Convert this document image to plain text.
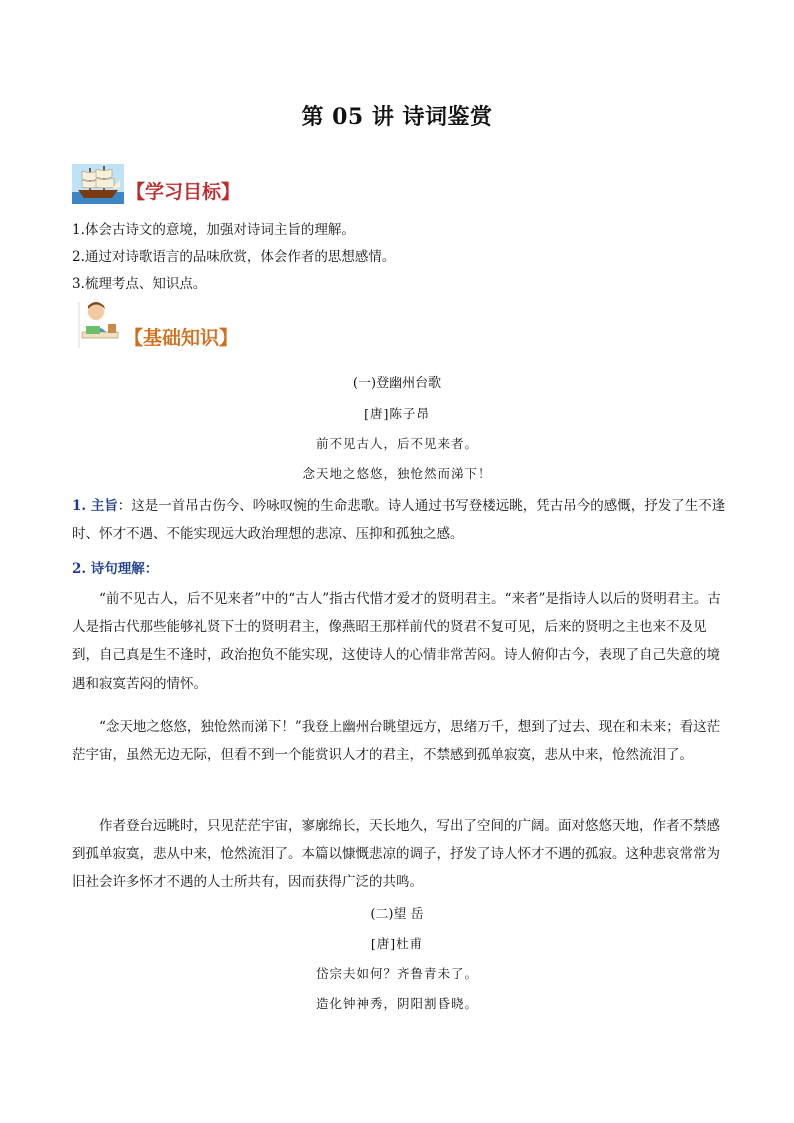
第 05 讲 诗词鉴赏
【学习目标】
1.体会古诗文的意境，加强对诗词主旨的理解。
2.通过对诗歌语言的品味欣赏，体会作者的思想感情。
3.梳理考点、知识点。
【基础知识】
(一)登幽州台歌
[唐]陈子昂
前不见古人，后不见来者。
念天地之悠悠，独怆然而涕下！
1. 主旨：这是一首吊古伤今、吟咏叹惋的生命悲歌。诗人通过书写登楼远眺，凭古吊今的感慨，抒发了生不逢时、怀才不遇、不能实现远大政治理想的悲凉、压抑和孤独之感。
2. 诗句理解：
“前不见古人，后不见来者”中的“古人”指古代惜才爱才的贤明君主。“来者”是指诗人以后的贤明君主。古人是指古代那些能够礼贤下士的贤明君主，像燕昭王那样前代的贤君不复可见，后来的贤明之主也来不及见到，自己真是生不逢时，政治抱负不能实现，这使诗人的心情非常苦闷。诗人俯仰古今，表现了自己失意的境遇和寂寞苦闷的情怀。
“念天地之悠悠，独怆然而涕下！”我登上幽州台眺望远方，思绪万千，想到了过去、现在和未来；看这茫茫宇宙，虽然无边无际，但看不到一个能赏识人才的君主，不禁感到孤单寂寞，悲从中来，怆然流泪了。
作者登台远眺时，只见茫茫宇宙，寥廓绵长，天长地久，写出了空间的广阔。面对悠悠天地，作者不禁感到孤单寂寞，悲从中来，怆然流泪了。本篇以慷慨悲凉的调子，抒发了诗人怀才不遇的孤寂。这种悲哀常常为旧社会许多怀才不遇的人士所共有，因而获得广泛的共鸣。
(二)望 岳
[唐]杜甫
岱宗夫如何？齐鲁青未了。
造化钟神秀，阴阳割昏晓。
